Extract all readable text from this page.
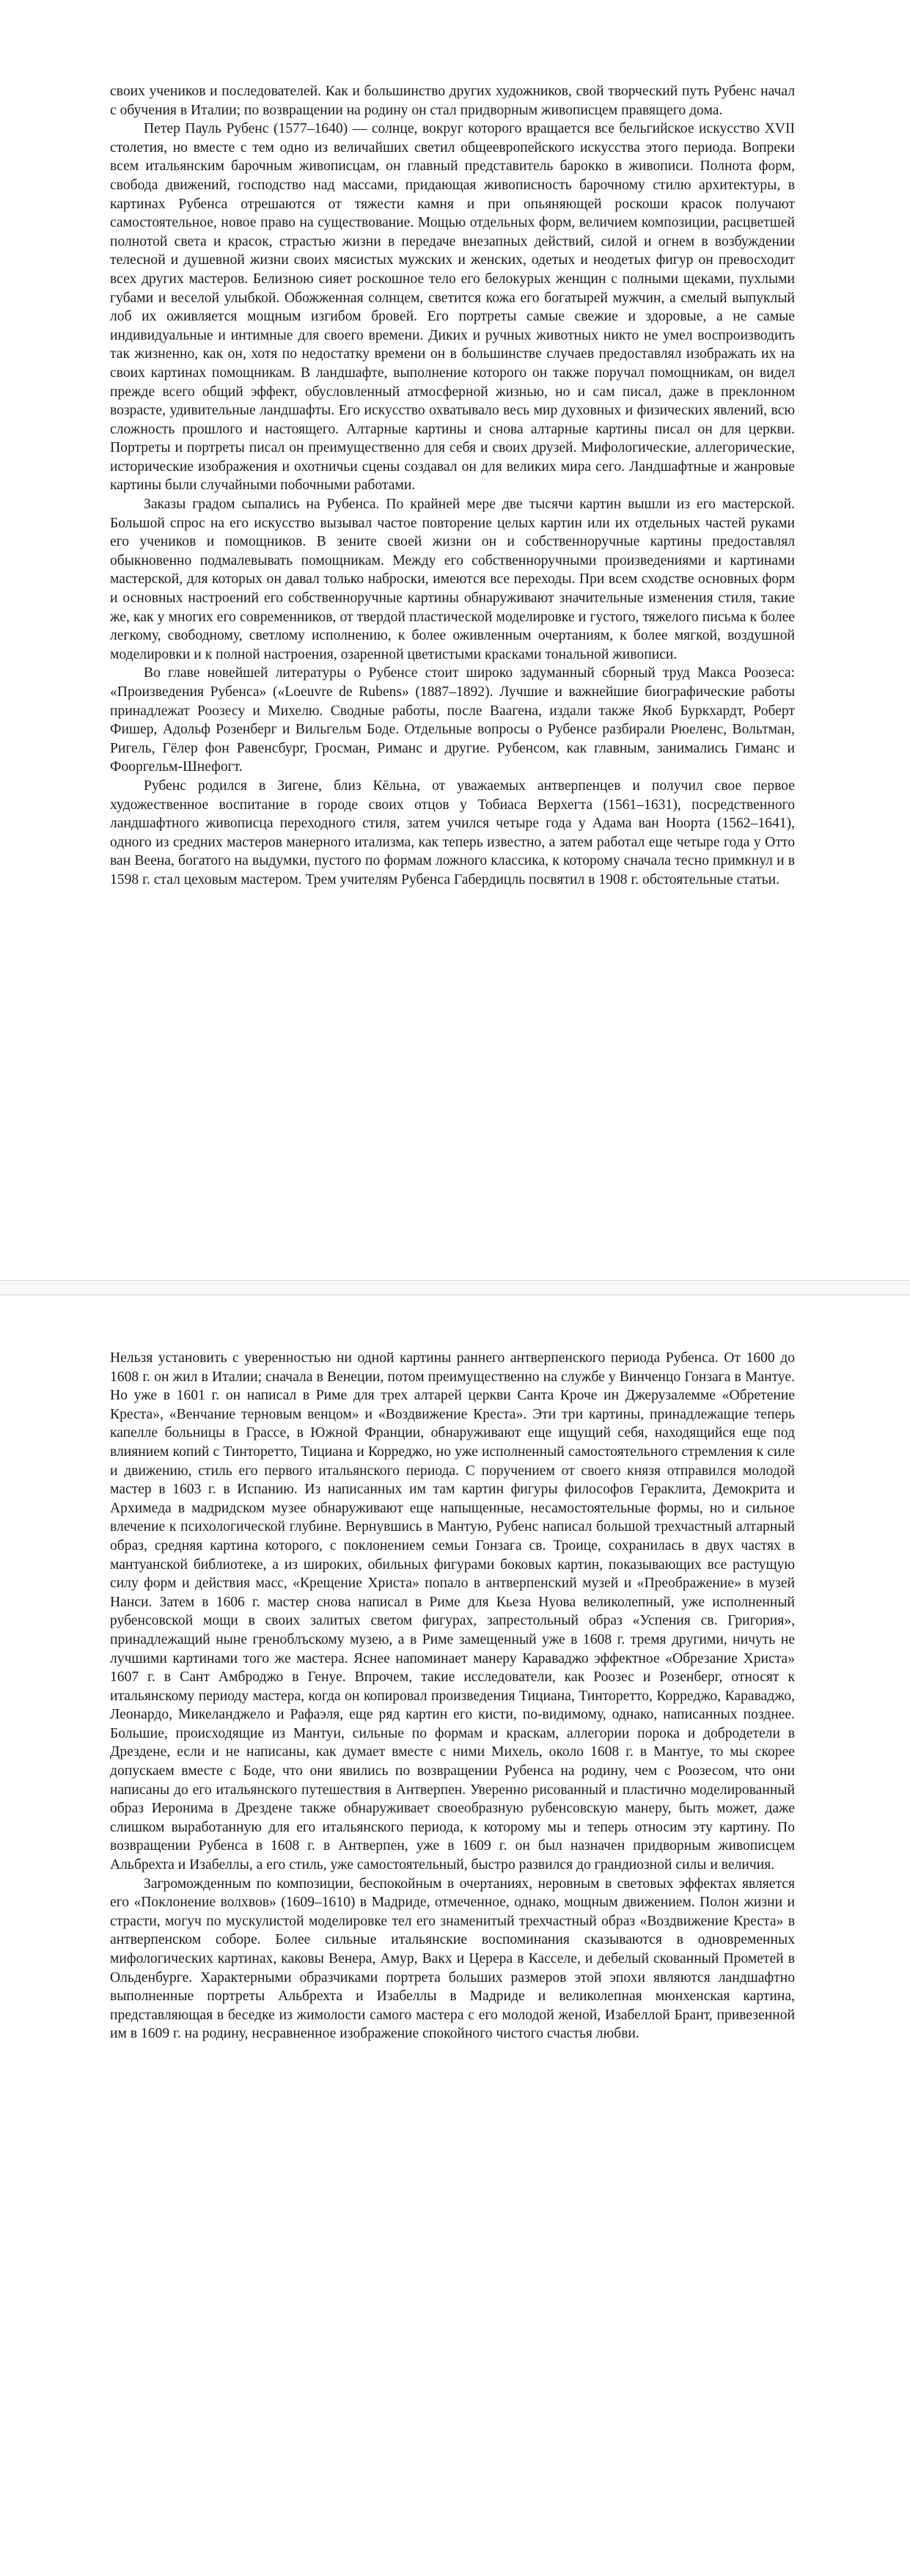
своих учеников и последователей. Как и большинство других художников, свой творческий путь Рубенс начал с обучения в Италии; по возвращении на родину он стал придворным живописцем правящего дома.

Петер Пауль Рубенс (1577–1640) — солнце, вокруг которого вращается все бельгийское искусство XVII столетия, но вместе с тем одно из величайших светил общеевропейского искусства этого периода. Вопреки всем итальянским барочным живописцам, он главный представитель барокко в живописи. Полнота форм, свобода движений, господство над массами, придающая живописность барочному стилю архитектуры, в картинах Рубенса отрешаются от тяжести камня и при опьяняющей роскоши красок получают самостоятельное, новое право на существование. Мощью отдельных форм, величием композиции, расцветшей полнотой света и красок, страстью жизни в передаче внезапных действий, силой и огнем в возбуждении телесной и душевной жизни своих мясистых мужских и женских, одетых и неодетых фигур он превосходит всех других мастеров. Белизною сияет роскошное тело его белокурых женщин с полными щеками, пухлыми губами и веселой улыбкой. Обожженная солнцем, светится кожа его богатырей мужчин, а смелый выпуклый лоб их оживляется мощным изгибом бровей. Его портреты самые свежие и здоровые, а не самые индивидуальные и интимные для своего времени. Диких и ручных животных никто не умел воспроизводить так жизненно, как он, хотя по недостатку времени он в большинстве случаев предоставлял изображать их на своих картинах помощникам. В ландшафте, выполнение которого он также поручал помощникам, он видел прежде всего общий эффект, обусловленный атмосферной жизнью, но и сам писал, даже в преклонном возрасте, удивительные ландшафты. Его искусство охватывало весь мир духовных и физических явлений, всю сложность прошлого и настоящего. Алтарные картины и снова алтарные картины писал он для церкви. Портреты и портреты писал он преимущественно для себя и своих друзей. Мифологические, аллегорические, исторические изображения и охотничьи сцены создавал он для великих мира сего. Ландшафтные и жанровые картины были случайными побочными работами.

Заказы градом сыпались на Рубенса. По крайней мере две тысячи картин вышли из его мастерской. Большой спрос на его искусство вызывал частое повторение целых картин или их отдельных частей руками его учеников и помощников. В зените своей жизни он и собственноручные картины предоставлял обыкновенно подмалевывать помощникам. Между его собственноручными произведениями и картинами мастерской, для которых он давал только наброски, имеются все переходы. При всем сходстве основных форм и основных настроений его собственноручные картины обнаруживают значительные изменения стиля, такие же, как у многих его современников, от твердой пластической моделировке и густого, тяжелого письма к более легкому, свободному, светлому исполнению, к более оживленным очертаниям, к более мягкой, воздушной моделировки и к полной настроения, озаренной цветистыми красками тональной живописи.

Во главе новейшей литературы о Рубенсе стоит широко задуманный сборный труд Макса Роозеса: «Произведения Рубенса» («Loeuvre de Rubens» (1887–1892). Лучшие и важнейшие биографические работы принадлежат Роозесу и Михелю. Сводные работы, после Ваагена, издали также Якоб Буркхардт, Роберт Фишер, Адольф Розенберг и Вильгельм Боде. Отдельные вопросы о Рубенсе разбирали Рюеленс, Вольтман, Ригель, Гёлер фон Равенсбург, Гросман, Риманс и другие. Рубенсом, как главным, занимались Гиманс и Фоοргельм-Шнефогт.

Рубенс родился в Зигене, близ Кёльна, от уважаемых антверпенцев и получил свое первое художественное воспитание в городе своих отцов у Тобиаса Верхегта (1561–1631), посредственного ландшафтного живописца переходного стиля, затем учился четыре года у Адама ван Ноорта (1562–1641), одного из средних мастеров манерного итализма, как теперь известно, а затем работал еще четыре года у Отто ван Веена, богатого на выдумки, пустого по формам ложного классика, к которому сначала тесно примкнул и в 1598 г. стал цеховым мастером. Трем учителям Рубенса Габердицль посвятил в 1908 г. обстоятельные статьи.

Нельзя установить с уверенностью ни одной картины раннего антверпенского периода Рубенса. От 1600 до 1608 г. он жил в Италии; сначала в Венеции, потом преимущественно на службе у Винченцо Гонзага в Мантуе. Но уже в 1601 г. он написал в Риме для трех алтарей церкви Санта Кроче ин Джерузалемме «Обретение Креста», «Венчание терновым венцом» и «Воздвижение Креста». Эти три картины, принадлежащие теперь капелле больницы в Грассе, в Южной Франции, обнаруживают еще ищущий себя, находящийся еще под влиянием копий с Тинторетто, Тициана и Корреджо, но уже исполненный самостоятельного стремления к силе и движению, стиль его первого итальянского периода. С поручением от своего князя отправился молодой мастер в 1603 г. в Испанию. Из написанных им там картин фигуры философов Гераклита, Демокрита и Архимеда в мадридском музее обнаруживают еще напыщенные, несамостоятельные формы, но и сильное влечение к психологической глубине. Вернувшись в Мантую, Рубенс написал большой трехчастный алтарный образ, средняя картина которого, с поклонением семьи Гонзага св. Троице, сохранилась в двух частях в мантуанской библиотеке, а из широких, обильных фигурами боковых картин, показывающих все растущую силу форм и действия масс, «Крещение Христа» попало в антверпенский музей и «Преображение» в музей Нанси. Затем в 1606 г. мастер снова написал в Риме для Кьеза Нуова великолепный, уже исполненный рубенсовской мощи в своих залитых светом фигурах, запрестольный образ «Успения св. Григория», принадлежащий ныне греноблъскому музею, а в Риме замещенный уже в 1608 г. тремя другими, ничуть не лучшими картинами того же мастера. Яснее напоминает манеру Караваджо эффектное «Обрезание Христа» 1607 г. в Сант Амброджо в Генуе. Впрочем, такие исследователи, как Роозес и Розенберг, относят к итальянскому периоду мастера, когда он копировал произведения Тициана, Тинторетто, Корреджо, Караваджо, Леонардо, Микеланджело и Рафаэля, еще ряд картин его кисти, по-видимому, однако, написанных позднее. Большие, происходящие из Мантуи, сильные по формам и краскам, аллегории порока и добродетели в Дрездене, если и не написаны, как думает вместе с ними Михель, около 1608 г. в Мантуе, то мы скорее допускаем вместе с Боде, что они явились по возвращении Рубенса на родину, чем с Роозесом, что они написаны до его итальянского путешествия в Антверпен. Уверенно рисованный и пластично моделированный образ Иеронима в Дрездене также обнаруживает своеобразную рубенсовскую манеру, быть может, даже слишком выработанную для его итальянского периода, к которому мы и теперь относим эту картину. По возвращении Рубенса в 1608 г. в Антверпен, уже в 1609 г. он был назначен придворным живописцем Альбрехта и Изабеллы, а его стиль, уже самостоятельный, быстро развился до грандиозной силы и величия.

Загроможденным по композиции, беспокойным в очертаниях, неровным в световых эффектах является его «Поклонение волхвов» (1609–1610) в Мадриде, отмеченное, однако, мощным движением. Полон жизни и страсти, могуч по мускулистой моделировке тел его знаменитый трехчастный образ «Воздвижение Креста» в антверпенском соборе. Более сильные итальянские воспоминания сказываются в одновременных мифологических картинах, каковы Венера, Амур, Вакх и Церера в Касселе, и дебелый скованный Прометей в Ольденбурге. Характерными образчиками портрета больших размеров этой эпохи являются ландшафтно выполненные портреты Альбрехта и Изабеллы в Мадриде и великолепная мюнхенская картина, представляющая в беседке из жимолости самого мастера с его молодой женой, Изабеллой Брант, привезенной им в 1609 г. на родину, несравненное изображение спокойного чистого счастья любви.
